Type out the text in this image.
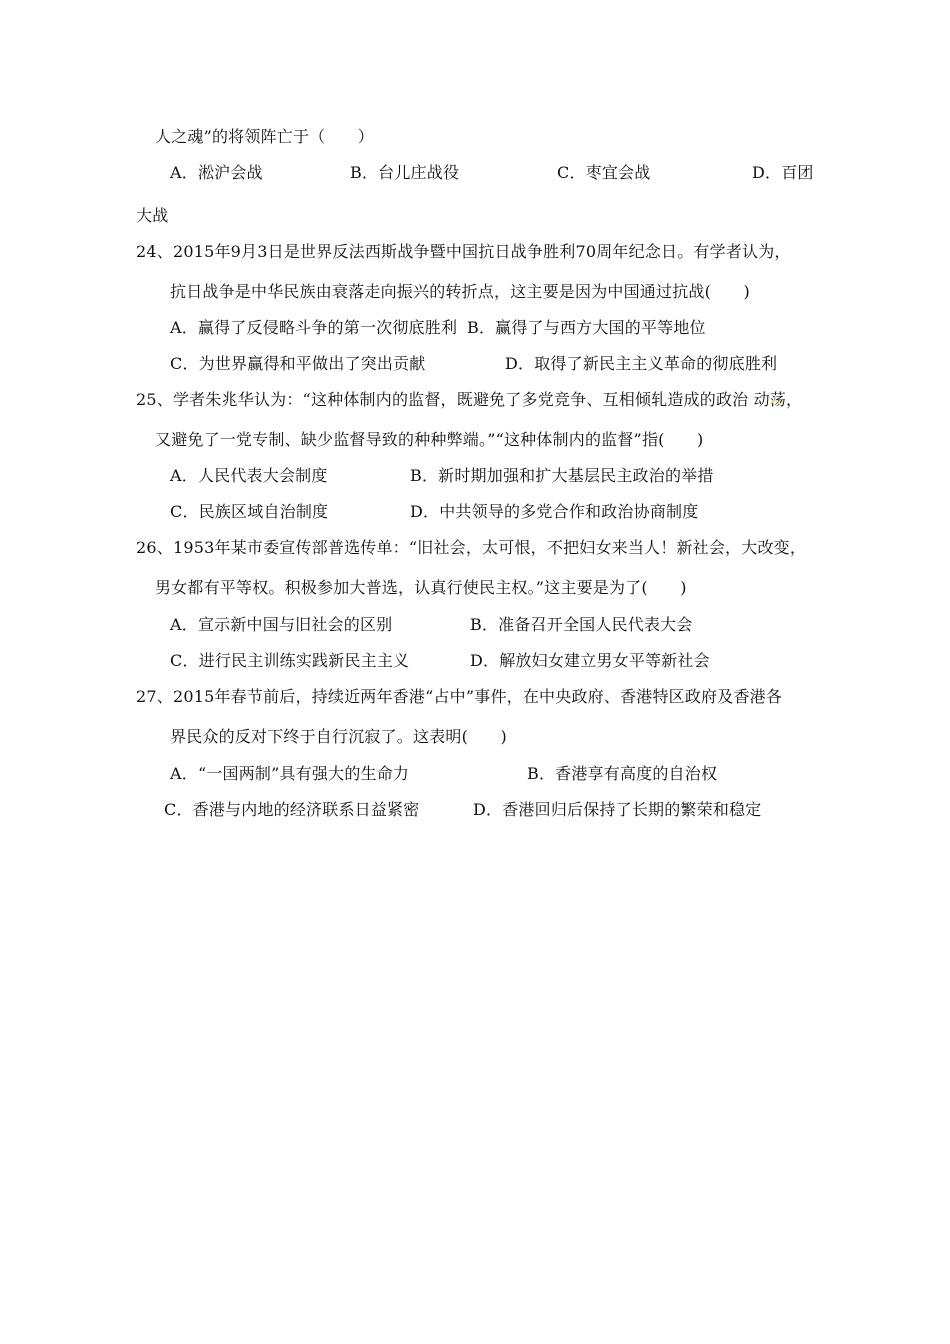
人之魂”的将领阵亡于（　　）
A．淞沪会战	B．台儿庄战役	C．枣宜会战	D．百团
大战
24、2015年9月3日是世界反法西斯战争暨中国抗日战争胜利70周年纪念日。有学者认为，
抗日战争是中华民族由衰落走向振兴的转折点，这主要是因为中国通过抗战(　　)
A．赢得了反侵略斗争的第一次彻底胜利 B．赢得了与西方大国的平等地位
C．为世界赢得和平做出了突出贡献	D．取得了新民主主义革命的彻底胜利
25、学者朱兆华认为：“这种体制内的监督，既避免了多党竞争、互相倾轧造成的政治 动荡，
又避免了一党专制、缺少监督导致的种种弊端。”“这种体制内的监督”指(　　)
A．人民代表大会制度	B．新时期加强和扩大基层民主政治的举措
C．民族区域自治制度	D．中共领导的多党合作和政治协商制度
26、1953年某市委宣传部普选传单：“旧社会，太可恨，不把妇女来当人！新社会，大改变，
男女都有平等权。积极参加大普选，认真行使民主权。”这主要是为了(　　)
A．宣示新中国与旧社会的区别	B．准备召开全国人民代表大会
C．进行民主训练实践新民主主义	D．解放妇女建立男女平等新社会
27、2015年春节前后，持续近两年香港“占中”事件，在中央政府、香港特区政府及香港各
界民众的反对下终于自行沉寂了。这表明(　　)
A．“一国两制”具有强大的生命力	B．香港享有高度的自治权
C．香港与内地的经济联系日益紧密	D．香港回归后保持了长期的繁荣和稳定
